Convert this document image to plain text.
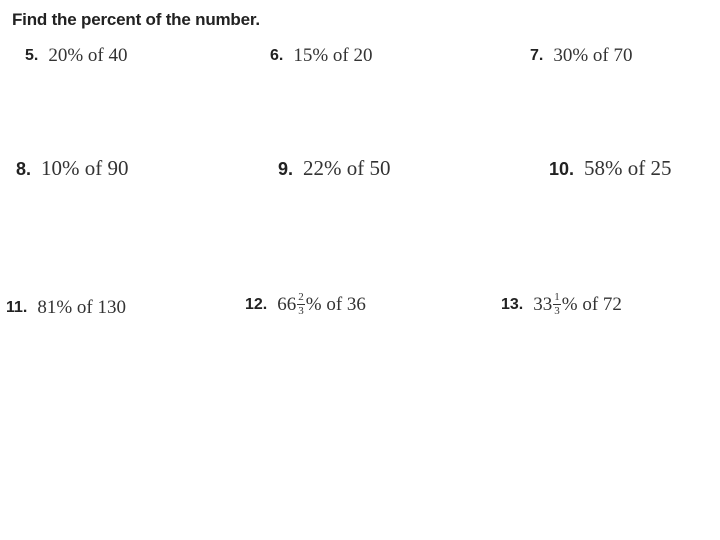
Find the percent of the number.
5. 20% of 40	6. 15% of 20	7. 30% of 70
8. 10% of 90	9. 22% of 50	10. 58% of 25
11. 81% of 130	12. $66 \frac{2}{3}$ % of 36	13. $33 \frac{1}{3}$ % of 72
